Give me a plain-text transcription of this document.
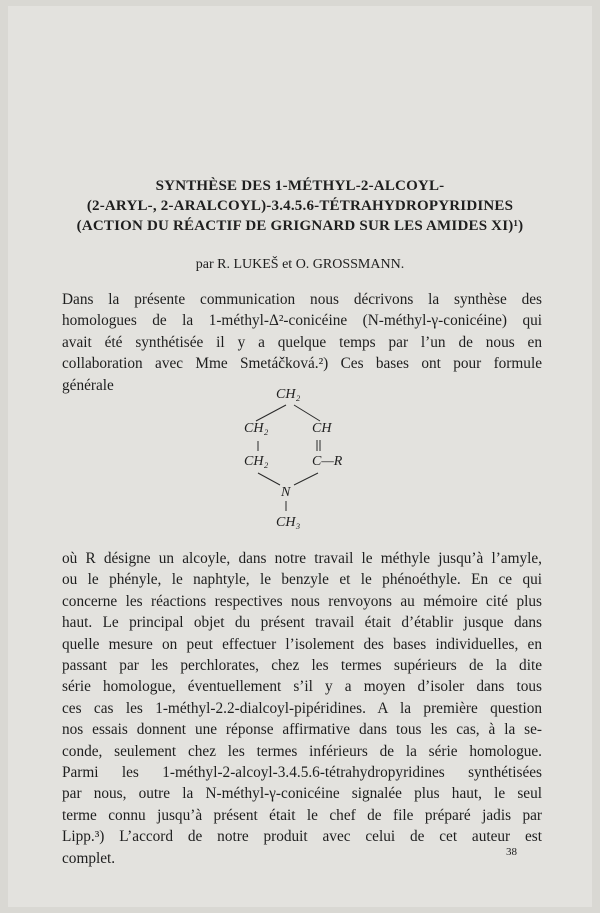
SYNTHÈSE DES 1-MÉTHYL-2-ALCOYL-
(2-ARYL-, 2-ARALCOYL)-3.4.5.6-TÉTRAHYDROPYRIDINES
(ACTION DU RÉACTIF DE GRIGNARD SUR LES AMIDES XI)¹)
par R. LUKEŠ et O. GROSSMANN.
Dans la présente communication nous décrivons la synthèse des
homologues de la 1-méthyl-Δ²-conicéine (N-méthyl-γ-conicéine) qui
avait été synthétisée il y a quelque temps par l’un de nous en
collaboration avec Mme Smetáčková.²) Ces bases ont pour formule
générale
CH₂
CH₂	CH
CH₂	C—R
N
CH₃
où R désigne un alcoyle, dans notre travail le méthyle jusqu’à l’amyle,
ou le phényle, le naphtyle, le benzyle et le phénoéthyle. En ce qui
concerne les réactions respectives nous renvoyons au mémoire cité plus
haut. Le principal objet du présent travail était d’établir jusque dans
quelle mesure on peut effectuer l’isolement des bases individuelles, en
passant par les perchlorates, chez les termes supérieurs de la dite
série homologue, éventuellement s’il y a moyen d’isoler dans tous
ces cas les 1-méthyl-2.2-dialcoyl-pipéridines. A la première question
nos essais donnent une réponse affirmative dans tous les cas, à la se-
conde, seulement chez les termes inférieurs de la série homologue.
Parmi les 1-méthyl-2-alcoyl-3.4.5.6-tétrahydropyridines synthétisées
par nous, outre la N-méthyl-γ-conicéine signalée plus haut, le seul
terme connu jusqu’à présent était le chef de file préparé jadis par
Lipp.³) L’accord de notre produit avec celui de cet auteur est
complet.	38
